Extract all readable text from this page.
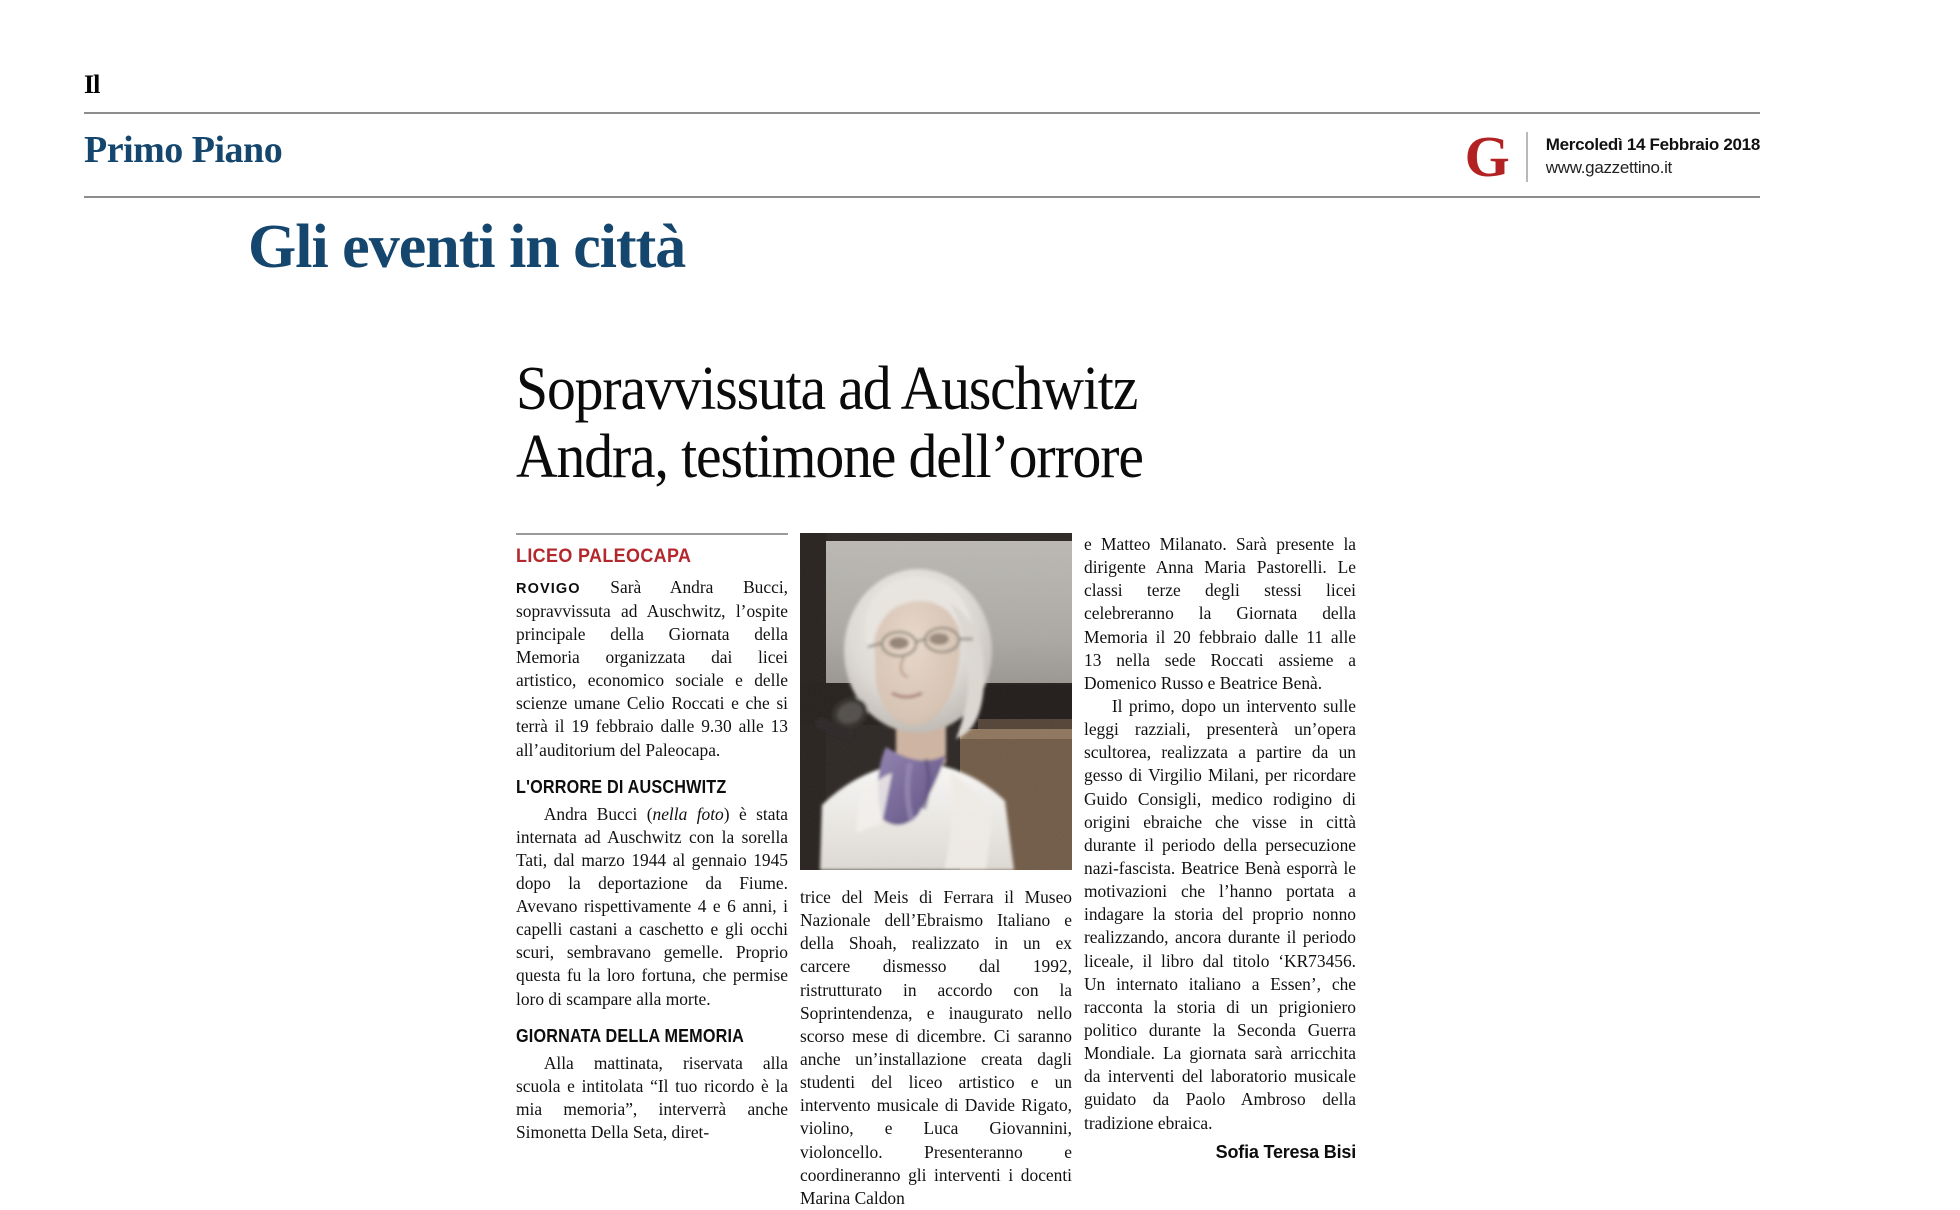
Il
Primo Piano	G Mercoledì 14 Febbraio 2018
www.gazzettino.it
Gli eventi in città
Sopravvissuta ad Auschwitz
Andra, testimone dell’orrore
LICEO PALEOCAPA

ROVIGO Sarà Andra Bucci, sopravvissuta ad Auschwitz, l’ospite principale della Giornata della Memoria organizzata dai licei artistico, economico sociale e delle scienze umane Celio Roccati e che si terrà il 19 febbraio dalle 9.30 alle 13 all’auditorium del Paleocapa.

L'ORRORE DI AUSCHWITZ

Andra Bucci (nella foto) è stata internata ad Auschwitz con la sorella Tati, dal marzo 1944 al gennaio 1945 dopo la deportazione da Fiume. Avevano rispettivamente 4 e 6 anni, i capelli castani a caschetto e gli occhi scuri, sembravano gemelle. Proprio questa fu la loro fortuna, che permise loro di scampare alla morte.

GIORNATA DELLA MEMORIA

Alla mattinata, riservata alla scuola e intitolata “Il tuo ricordo è la mia memoria”, interverrà anche Simonetta Della Seta, diret-

trice del Meis di Ferrara il Museo Nazionale dell’Ebraismo Italiano e della Shoah, realizzato in un ex carcere dismesso dal 1992, ristrutturato in accordo con la Soprintendenza, e inaugurato nello scorso mese di dicembre. Ci saranno anche un’installazione creata dagli studenti del liceo artistico e un intervento musicale di Davide Rigato, violino, e Luca Giovannini, violoncello. Presenteranno e coordineranno gli interventi i docenti Marina Caldon

e Matteo Milanato. Sarà presente la dirigente Anna Maria Pastorelli. Le classi terze degli stessi licei celebreranno la Giornata della Memoria il 20 febbraio dalle 11 alle 13 nella sede Roccati assieme a Domenico Russo e Beatrice Benà.

Il primo, dopo un intervento sulle leggi razziali, presenterà un’opera scultorea, realizzata a partire da un gesso di Virgilio Milani, per ricordare Guido Consigli, medico rodigino di origini ebraiche che visse in città durante il periodo della persecuzione nazi-fascista. Beatrice Benà esporrà le motivazioni che l’hanno portata a indagare la storia del proprio nonno realizzando, ancora durante il periodo liceale, il libro dal titolo ‘KR73456. Un internato italiano a Essen’, che racconta la storia di un prigioniero politico durante la Seconda Guerra Mondiale. La giornata sarà arricchita da interventi del laboratorio musicale guidato da Paolo Ambroso della tradizione ebraica.

Sofia Teresa Bisi
